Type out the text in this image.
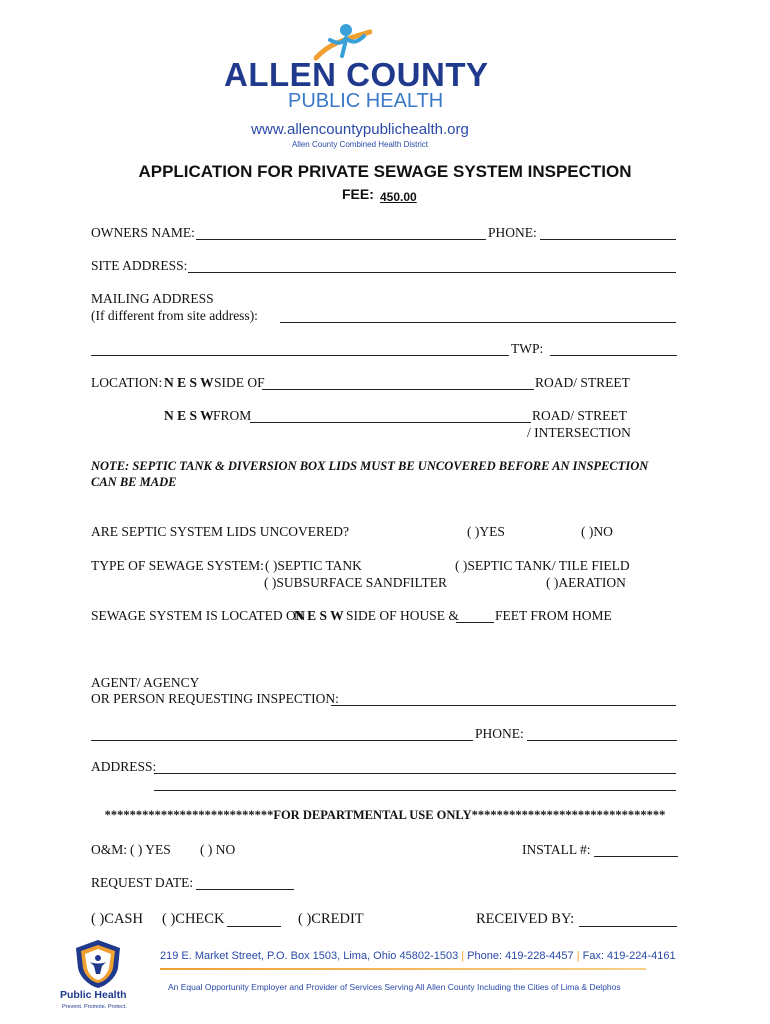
ALLEN COUNTY
PUBLIC HEALTH
www.allencountypublichealth.org
Allen County Combined Health District
APPLICATION FOR PRIVATE SEWAGE SYSTEM INSPECTION
FEE: 450.00
OWNERS NAME:	PHONE:
SITE ADDRESS:
MAILING ADDRESS
(If different from site address):
TWP:
LOCATION: N E S W SIDE OF	ROAD/ STREET
N E S W FROM	ROAD/ STREET
/ INTERSECTION
NOTE: SEPTIC TANK & DIVERSION BOX LIDS MUST BE UNCOVERED BEFORE AN INSPECTION
CAN BE MADE
ARE SEPTIC SYSTEM LIDS UNCOVERED?	( )YES	( )NO
TYPE OF SEWAGE SYSTEM: ( )SEPTIC TANK	( )SEPTIC TANK/ TILE FIELD
( )SUBSURFACE SANDFILTER	( )AERATION
SEWAGE SYSTEM IS LOCATED ON
N E S W SIDE OF HOUSE &	FEET FROM HOME
AGENT/ AGENCY
OR PERSON REQUESTING INSPECTION:
PHONE:
ADDRESS:
***************************FOR DEPARTMENTAL USE ONLY*******************************
O&M: ( ) YES ( ) NO	INSTALL #:
REQUEST DATE:
( )CASH ( )CHECK	( )CREDIT	RECEIVED BY:
Public Health
Prevent. Promote. Protect.
219 E. Market Street, P.O. Box 1503, Lima, Ohio 45802-1503 | Phone: 419-228-4457 | Fax: 419-224-4161
An Equal Opportunity Employer and Provider of Services Serving All Allen County Including the Cities of Lima & Delphos
